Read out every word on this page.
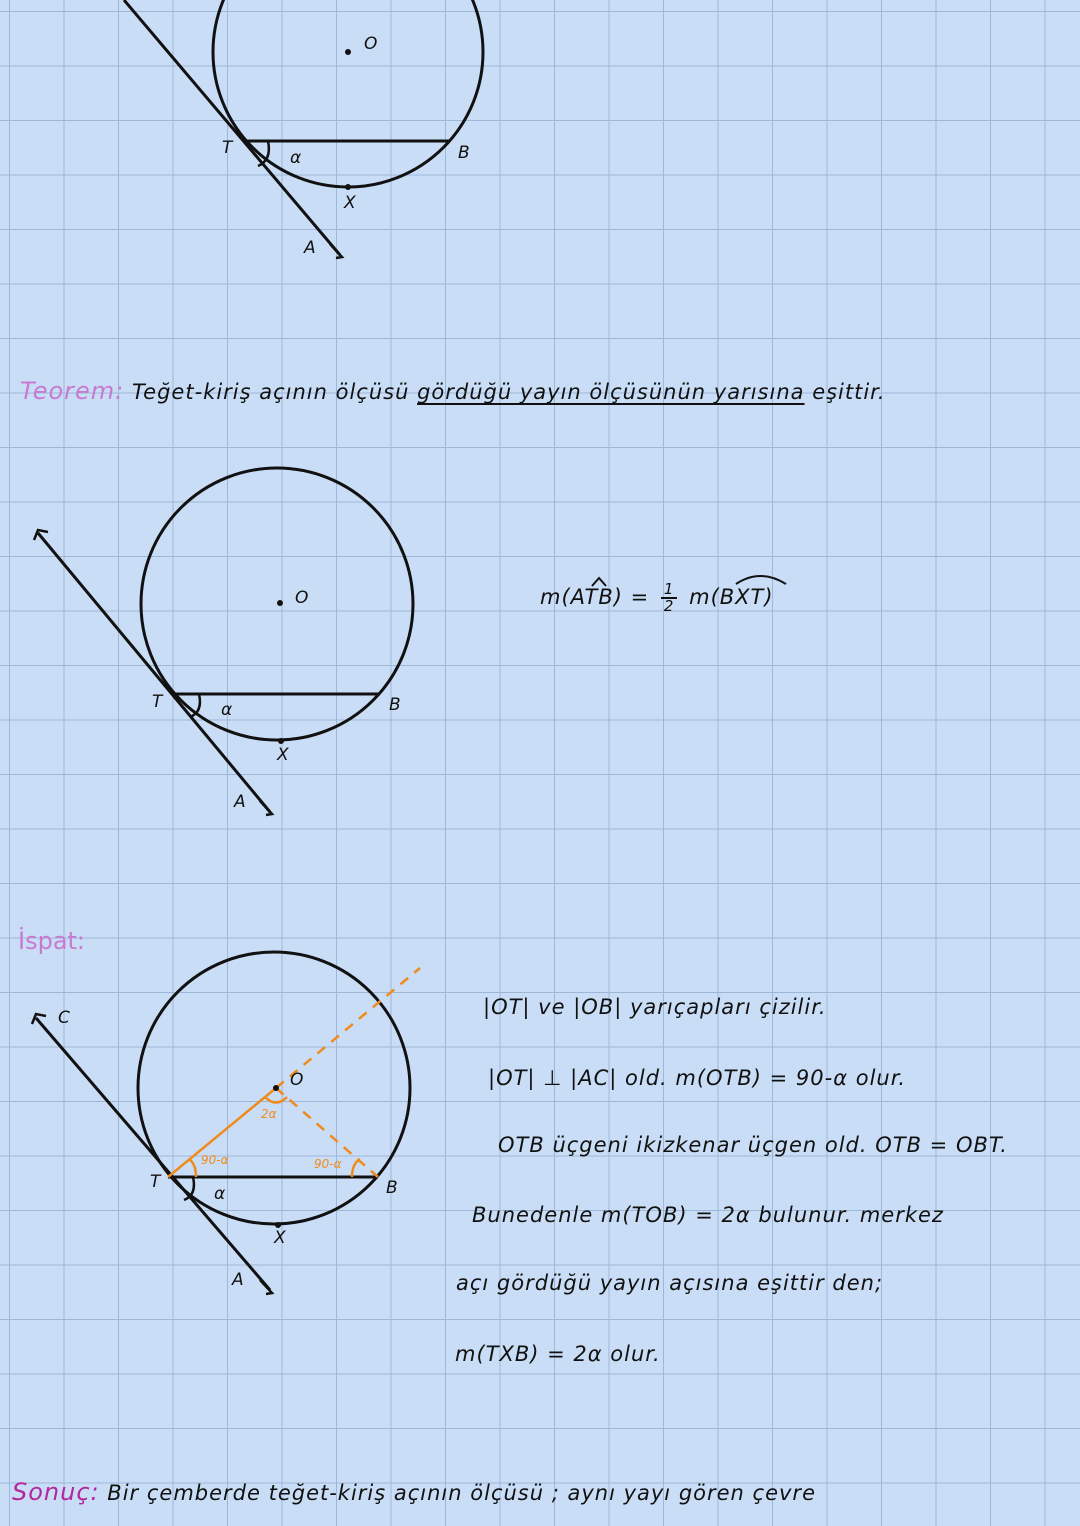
O
T	α	B
X
A
Teorem: Teğet-kiriş açının ölçüsü gördüğü yayın ölçüsünün yarısına eşittir.
O
T	α	B
X
A
$m(ATB) = \frac{1}{2} m(BXT)$
İspat:
C
O
2α
90-α	90-α
T
α	B
X
A
|OT| ve |OB| yarıçapları çizilir.
|OT| ⊥ |AC| old. m(OTB) = 90-α olur.
OTB üçgeni ikizkenar üçgen old. OTB = OBT.
Bunedenle m(TOB) = 2α bulunur. merkez
açı gördüğü yayın açısına eşittir den;
m(TXB) = 2α olur.
Sonuç: Bir çemberde teğet-kiriş açının ölçüsü ; aynı yayı gören çevre
